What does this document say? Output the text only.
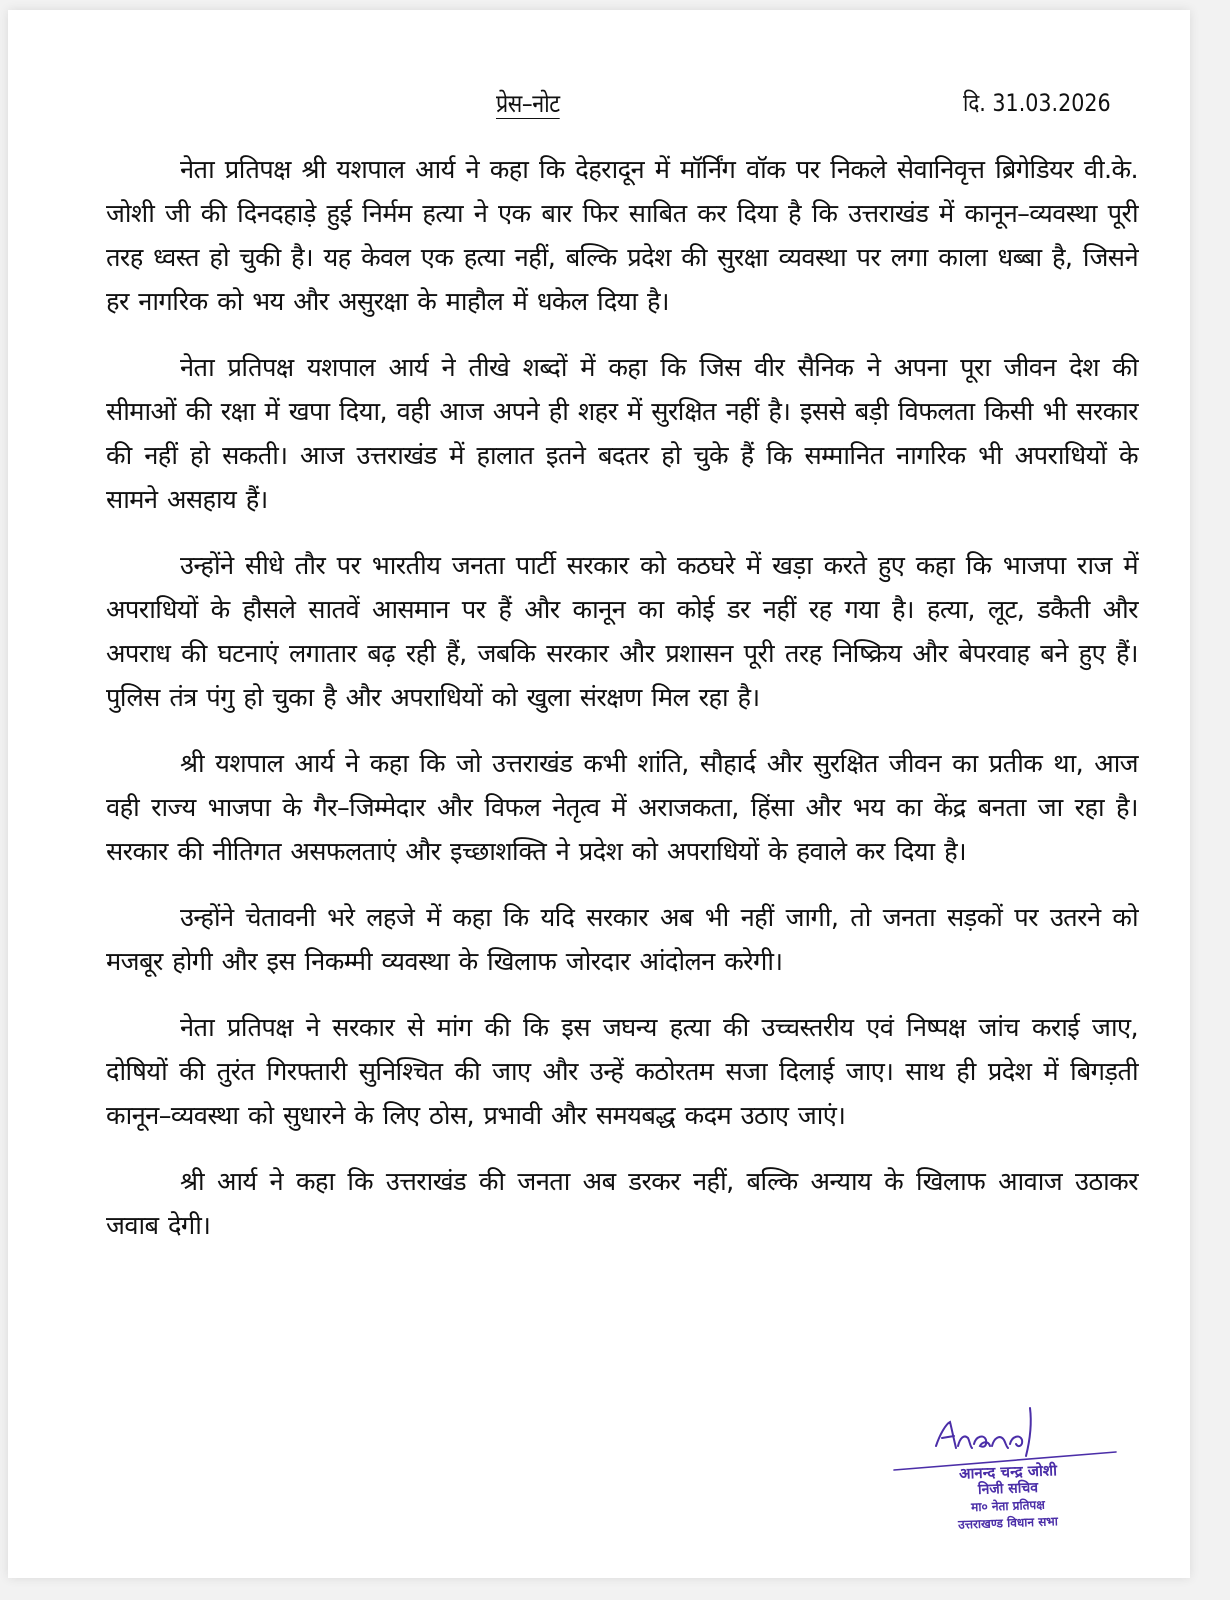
प्रेस–नोट	दि. 31.03.2026

नेता प्रतिपक्ष श्री यशपाल आर्य ने कहा कि देहरादून में मॉर्निंग वॉक पर निकले सेवानिवृत्त ब्रिगेडियर वी.के. जोशी जी की दिनदहाड़े हुई निर्मम हत्या ने एक बार फिर साबित कर दिया है कि उत्तराखंड में कानून–व्यवस्था पूरी तरह ध्वस्त हो चुकी है। यह केवल एक हत्या नहीं, बल्कि प्रदेश की सुरक्षा व्यवस्था पर लगा काला धब्बा है, जिसने हर नागरिक को भय और असुरक्षा के माहौल में धकेल दिया है।

नेता प्रतिपक्ष यशपाल आर्य ने तीखे शब्दों में कहा कि जिस वीर सैनिक ने अपना पूरा जीवन देश की सीमाओं की रक्षा में खपा दिया, वही आज अपने ही शहर में सुरक्षित नहीं है। इससे बड़ी विफलता किसी भी सरकार की नहीं हो सकती। आज उत्तराखंड में हालात इतने बदतर हो चुके हैं कि सम्मानित नागरिक भी अपराधियों के सामने असहाय हैं।

उन्होंने सीधे तौर पर भारतीय जनता पार्टी सरकार को कठघरे में खड़ा करते हुए कहा कि भाजपा राज में अपराधियों के हौसले सातवें आसमान पर हैं और कानून का कोई डर नहीं रह गया है। हत्या, लूट, डकैती और अपराध की घटनाएं लगातार बढ़ रही हैं, जबकि सरकार और प्रशासन पूरी तरह निष्क्रिय और बेपरवाह बने हुए हैं। पुलिस तंत्र पंगु हो चुका है और अपराधियों को खुला संरक्षण मिल रहा है।

श्री यशपाल आर्य ने कहा कि जो उत्तराखंड कभी शांति, सौहार्द और सुरक्षित जीवन का प्रतीक था, आज वही राज्य भाजपा के गैर–जिम्मेदार और विफल नेतृत्व में अराजकता, हिंसा और भय का केंद्र बनता जा रहा है। सरकार की नीतिगत असफलताएं और इच्छाशक्ति ने प्रदेश को अपराधियों के हवाले कर दिया है।

उन्होंने चेतावनी भरे लहजे में कहा कि यदि सरकार अब भी नहीं जागी, तो जनता सड़कों पर उतरने को मजबूर होगी और इस निकम्मी व्यवस्था के खिलाफ जोरदार आंदोलन करेगी।

नेता प्रतिपक्ष ने सरकार से मांग की कि इस जघन्य हत्या की उच्चस्तरीय एवं निष्पक्ष जांच कराई जाए, दोषियों की तुरंत गिरफ्तारी सुनिश्चित की जाए और उन्हें कठोरतम सजा दिलाई जाए। साथ ही प्रदेश में बिगड़ती कानून–व्यवस्था को सुधारने के लिए ठोस, प्रभावी और समयबद्ध कदम उठाए जाएं।

श्री आर्य ने कहा कि उत्तराखंड की जनता अब डरकर नहीं, बल्कि अन्याय के खिलाफ आवाज उठाकर जवाब देगी।

आनन्द चन्द्र जोशी
निजी सचिव
मा० नेता प्रतिपक्ष
उत्तराखण्ड विधान सभा
